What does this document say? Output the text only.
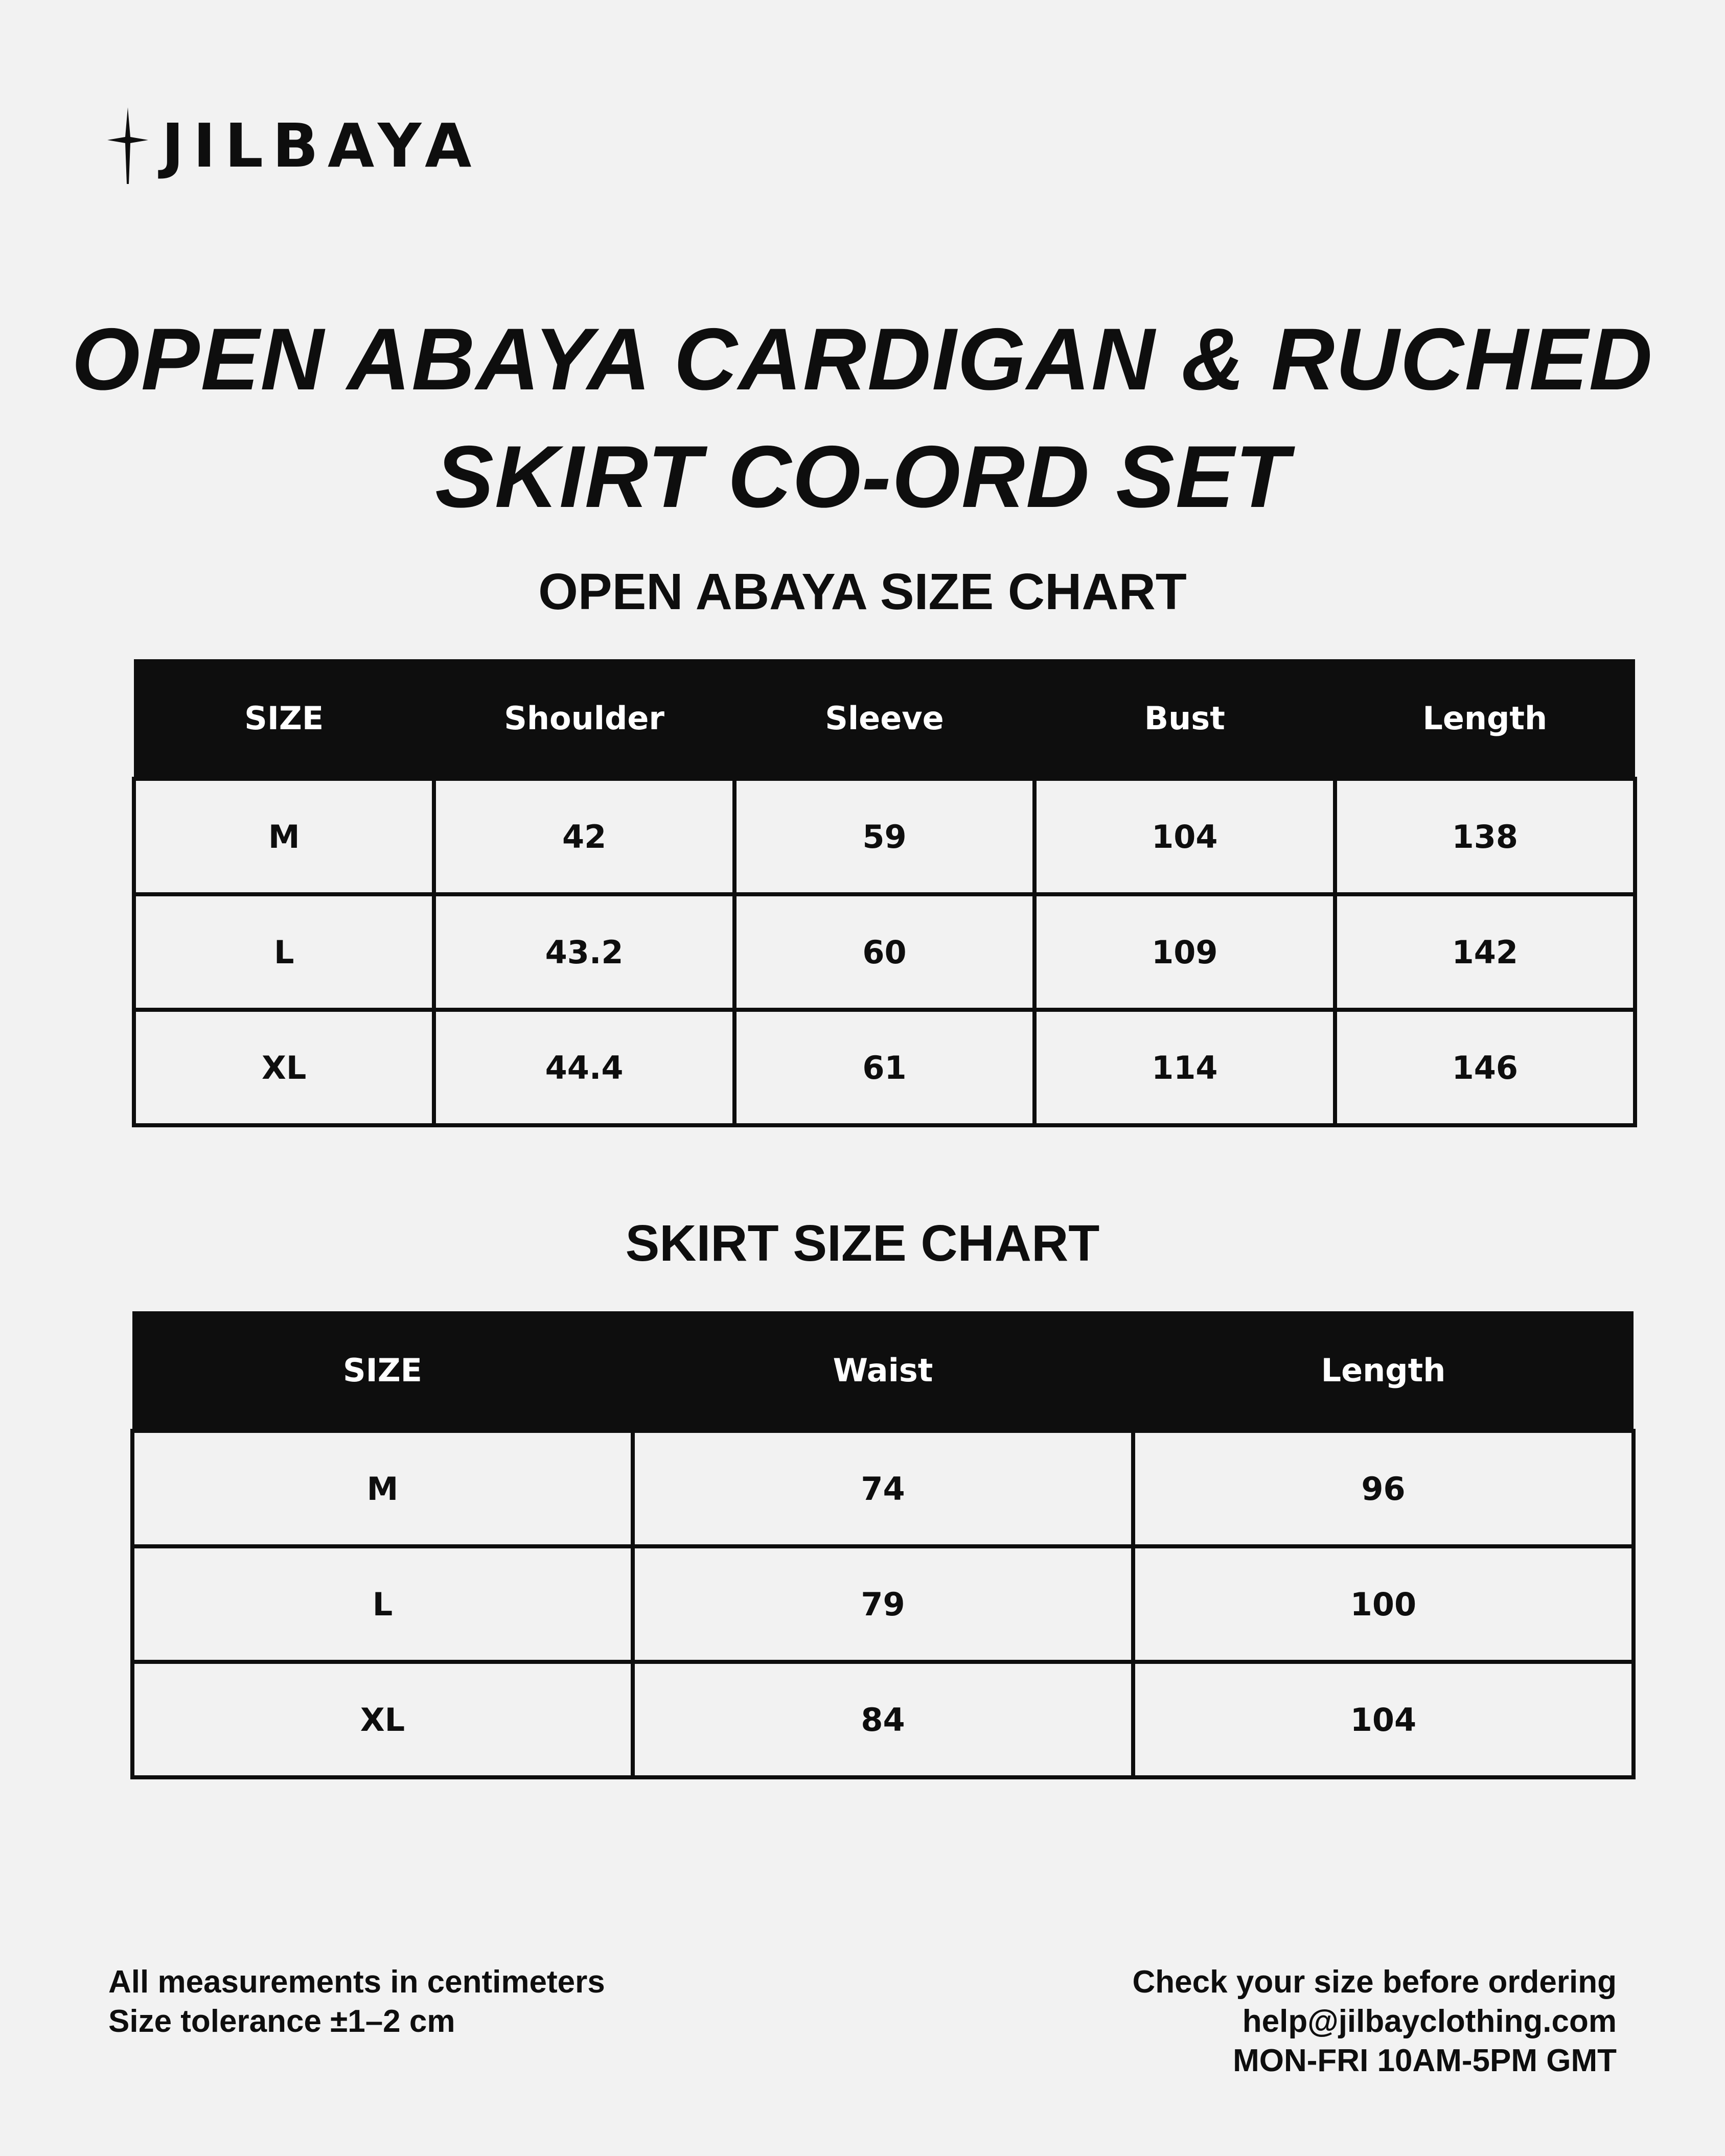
JILBAYA
OPEN ABAYA CARDIGAN & RUCHED
SKIRT CO-ORD SET
OPEN ABAYA SIZE CHART
SIZE	Shoulder	Sleeve	Bust	Length
M	42	59	104	138
L	43.2	60	109	142
XL	44.4	61	114	146
SKIRT SIZE CHART
SIZE	Waist	Length
M	74	96
L	79	100
XL	84	104
All measurements in centimeters
Size tolerance ±1–2 cm
Check your size before ordering
help@jilbayclothing.com
MON-FRI 10AM-5PM GMT
